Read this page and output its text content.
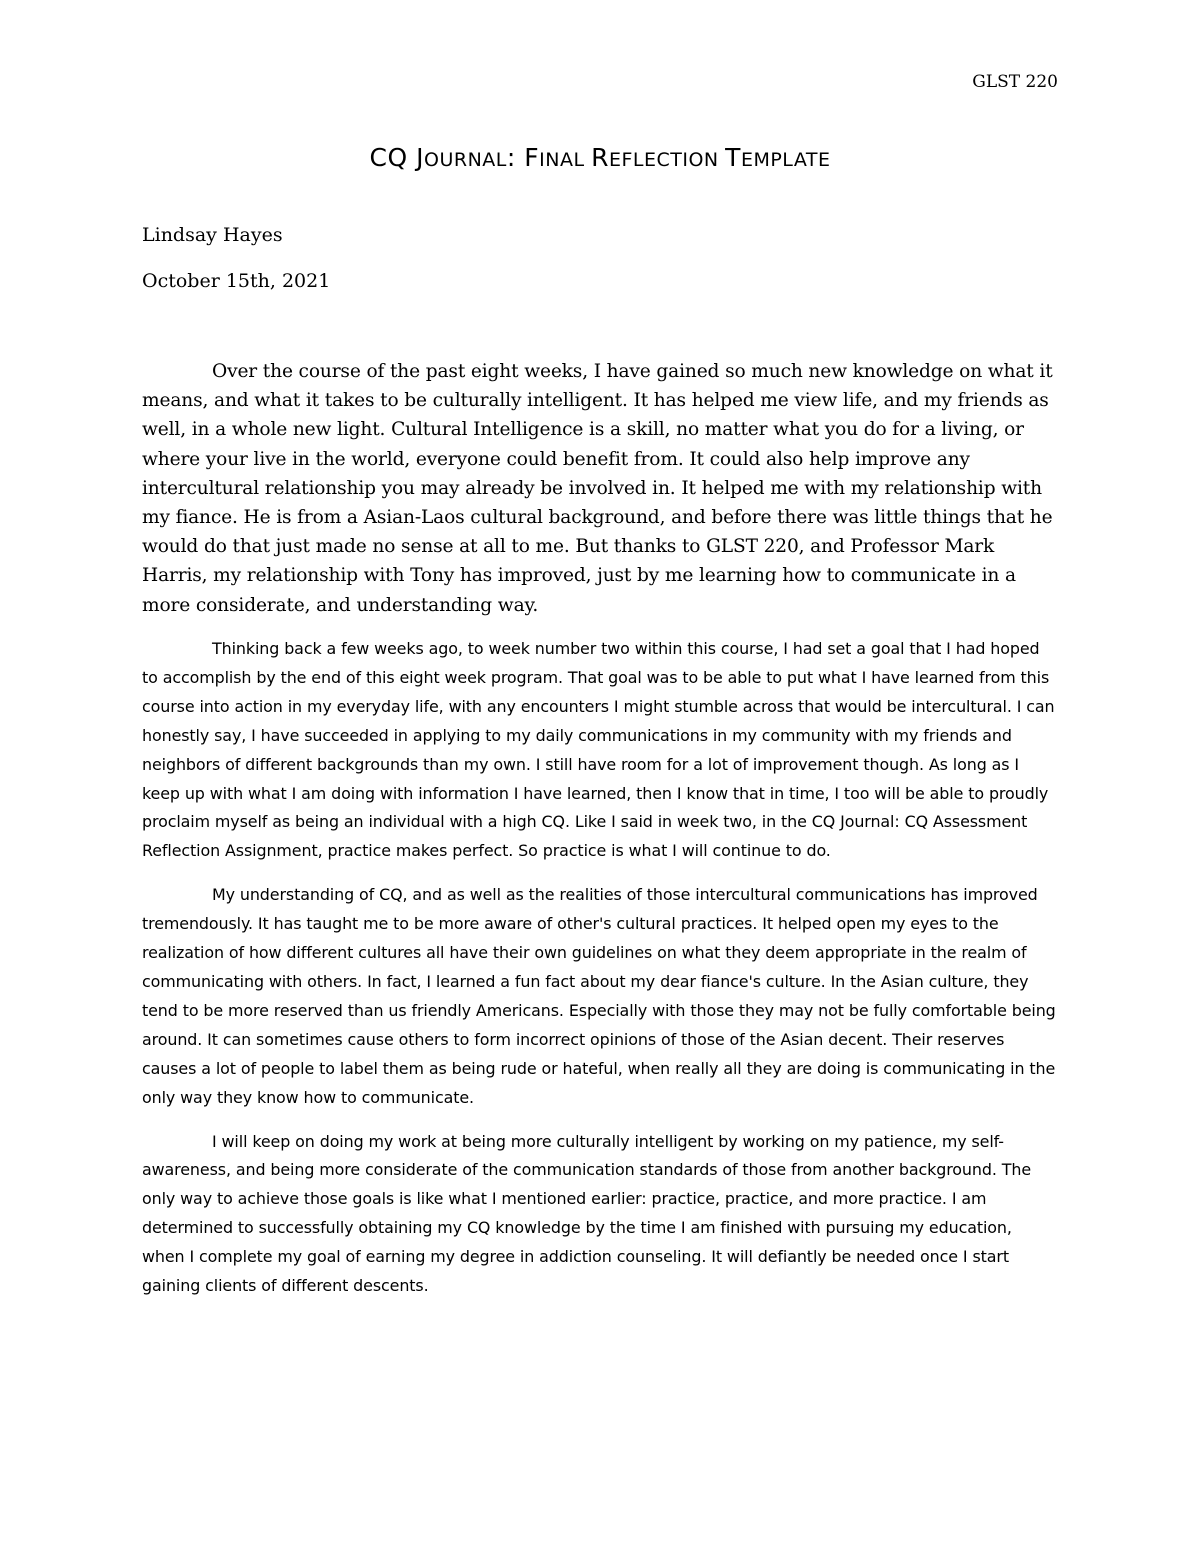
GLST 220
CQ JOURNAL: FINAL REFLECTION TEMPLATE
Lindsay Hayes
October 15th, 2021

Over the course of the past eight weeks, I have gained so much new knowledge on what it means, and what it takes to be culturally intelligent. It has helped me view life, and my friends as well, in a whole new light. Cultural Intelligence is a skill, no matter what you do for a living, or where your live in the world, everyone could benefit from. It could also help improve any intercultural relationship you may already be involved in. It helped me with my relationship with my fiance. He is from a Asian-Laos cultural background, and before there was little things that he would do that just made no sense at all to me. But thanks to GLST 220, and Professor Mark Harris, my relationship with Tony has improved, just by me learning how to communicate in a more considerate, and understanding way.

Thinking back a few weeks ago, to week number two within this course, I had set a goal that I had hoped to accomplish by the end of this eight week program. That goal was to be able to put what I have learned from this course into action in my everyday life, with any encounters I might stumble across that would be intercultural. I can honestly say, I have succeeded in applying to my daily communications in my community with my friends and neighbors of different backgrounds than my own. I still have room for a lot of improvement though. As long as I keep up with what I am doing with information I have learned, then I know that in time, I too will be able to proudly proclaim myself as being an individual with a high CQ. Like I said in week two, in the CQ Journal: CQ Assessment Reflection Assignment, practice makes perfect. So practice is what I will continue to do.

My understanding of CQ, and as well as the realities of those intercultural communications has improved tremendously. It has taught me to be more aware of other's cultural practices. It helped open my eyes to the realization of how different cultures all have their own guidelines on what they deem appropriate in the realm of communicating with others. In fact, I learned a fun fact about my dear fiance's culture. In the Asian culture, they tend to be more reserved than us friendly Americans. Especially with those they may not be fully comfortable being around. It can sometimes cause others to form incorrect opinions of those of the Asian decent. Their reserves causes a lot of people to label them as being rude or hateful, when really all they are doing is communicating in the only way they know how to communicate.

I will keep on doing my work at being more culturally intelligent by working on my patience, my self-awareness, and being more considerate of the communication standards of those from another background. The only way to achieve those goals is like what I mentioned earlier: practice, practice, and more practice. I am determined to successfully obtaining my CQ knowledge by the time I am finished with pursuing my education, when I complete my goal of earning my degree in addiction counseling. It will defiantly be needed once I start gaining clients of different descents.
